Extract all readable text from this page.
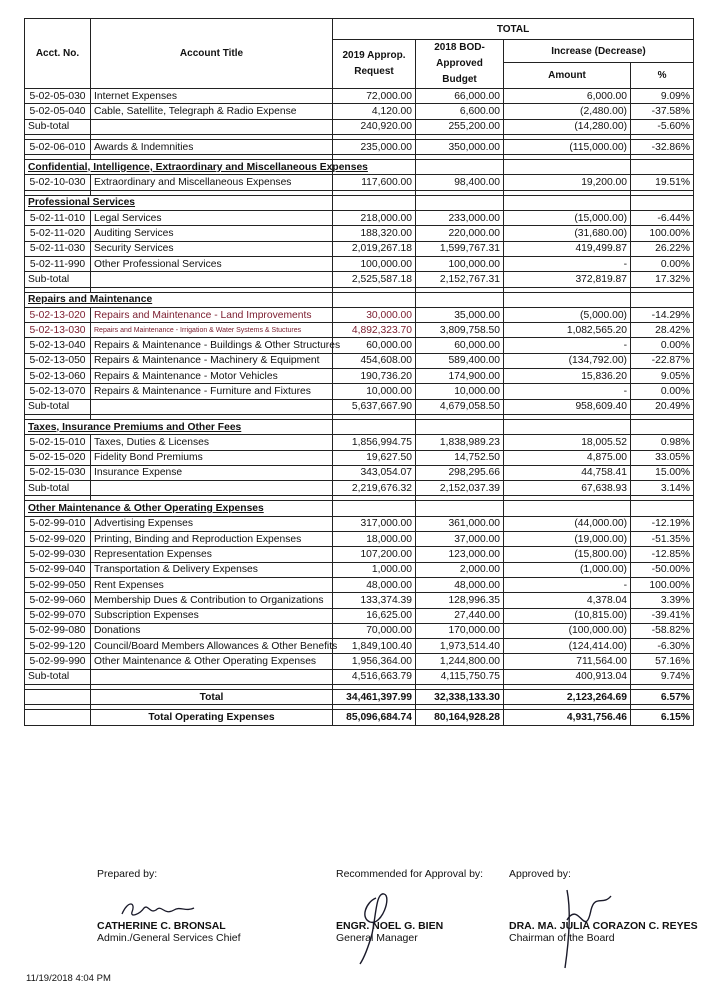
Acct. No.	Account Title	TOTAL			
		2019 Approp. Request	2018 BOD-Approved Budget	Increase (Decrease)	
				Amount	%
5-02-05-030	Internet Expenses	72,000.00	66,000.00	6,000.00	9.09%
5-02-05-040	Cable, Satellite, Telegraph & Radio Expense	4,120.00	6,600.00	(2,480.00)	-37.58%
Sub-total		240,920.00	255,200.00	(14,280.00)	-5.60%

5-02-06-010	Awards & Indemnities	235,000.00	350,000.00	(115,000.00)	-32.86%

Confidential, Intelligence, Extraordinary and Miscellaneous Expenses					
5-02-10-030	Extraordinary and Miscellaneous Expenses	117,600.00	98,400.00	19,200.00	19.51%

Professional Services					
5-02-11-010	Legal Services	218,000.00	233,000.00	(15,000.00)	-6.44%
5-02-11-020	Auditing Services	188,320.00	220,000.00	(31,680.00)	100.00%
5-02-11-030	Security Services	2,019,267.18	1,599,767.31	419,499.87	26.22%
5-02-11-990	Other Professional Services	100,000.00	100,000.00	-	0.00%
Sub-total		2,525,587.18	2,152,767.31	372,819.87	17.32%

Repairs and Maintenance					
5-02-13-020	Repairs and Maintenance - Land Improvements	30,000.00	35,000.00	(5,000.00)	-14.29%
5-02-13-030	Repairs and Maintenance - Irrigation & Water Systems & Stuctures	4,892,323.70	3,809,758.50	1,082,565.20	28.42%
5-02-13-040	Repairs & Maintenance - Buildings & Other Structures	60,000.00	60,000.00	-	0.00%
5-02-13-050	Repairs & Maintenance - Machinery & Equipment	454,608.00	589,400.00	(134,792.00)	-22.87%
5-02-13-060	Repairs & Maintenance - Motor Vehicles	190,736.20	174,900.00	15,836.20	9.05%
5-02-13-070	Repairs & Maintenance - Furniture and Fixtures	10,000.00	10,000.00	-	0.00%
Sub-total		5,637,667.90	4,679,058.50	958,609.40	20.49%

Taxes, Insurance Premiums and Other Fees					
5-02-15-010	Taxes, Duties & Licenses	1,856,994.75	1,838,989.23	18,005.52	0.98%
5-02-15-020	Fidelity Bond Premiums	19,627.50	14,752.50	4,875.00	33.05%
5-02-15-030	Insurance Expense	343,054.07	298,295.66	44,758.41	15.00%
Sub-total		2,219,676.32	2,152,037.39	67,638.93	3.14%

Other Maintenance & Other Operating Expenses					
5-02-99-010	Advertising Expenses	317,000.00	361,000.00	(44,000.00)	-12.19%
5-02-99-020	Printing, Binding and Reproduction Expenses	18,000.00	37,000.00	(19,000.00)	-51.35%
5-02-99-030	Representation Expenses	107,200.00	123,000.00	(15,800.00)	-12.85%
5-02-99-040	Transportation & Delivery Expenses	1,000.00	2,000.00	(1,000.00)	-50.00%
5-02-99-050	Rent Expenses	48,000.00	48,000.00	-	100.00%
5-02-99-060	Membership Dues & Contribution to Organizations	133,374.39	128,996.35	4,378.04	3.39%
5-02-99-070	Subscription Expenses	16,625.00	27,440.00	(10,815.00)	-39.41%
5-02-99-080	Donations	70,000.00	170,000.00	(100,000.00)	-58.82%
5-02-99-120	Council/Board Members Allowances & Other Benefits	1,849,100.40	1,973,514.40	(124,414.00)	-6.30%
5-02-99-990	Other Maintenance & Other Operating Expenses	1,956,364.00	1,244,800.00	711,564.00	57.16%
Sub-total		4,516,663.79	4,115,750.75	400,913.04	9.74%

	Total	34,461,397.99	32,338,133.30	2,123,264.69	6.57%

	Total Operating Expenses	85,096,684.74	80,164,928.28	4,931,756.46	6.15%
Prepared by:
CATHERINE C. BRONSAL
Admin./General Services Chief
Recommended for Approval by:
ENGR. NOEL G. BIEN
General Manager
Approved by:
DRA. MA. JULIA CORAZON C. REYES
Chairman of the Board
11/19/2018 4:04 PM
